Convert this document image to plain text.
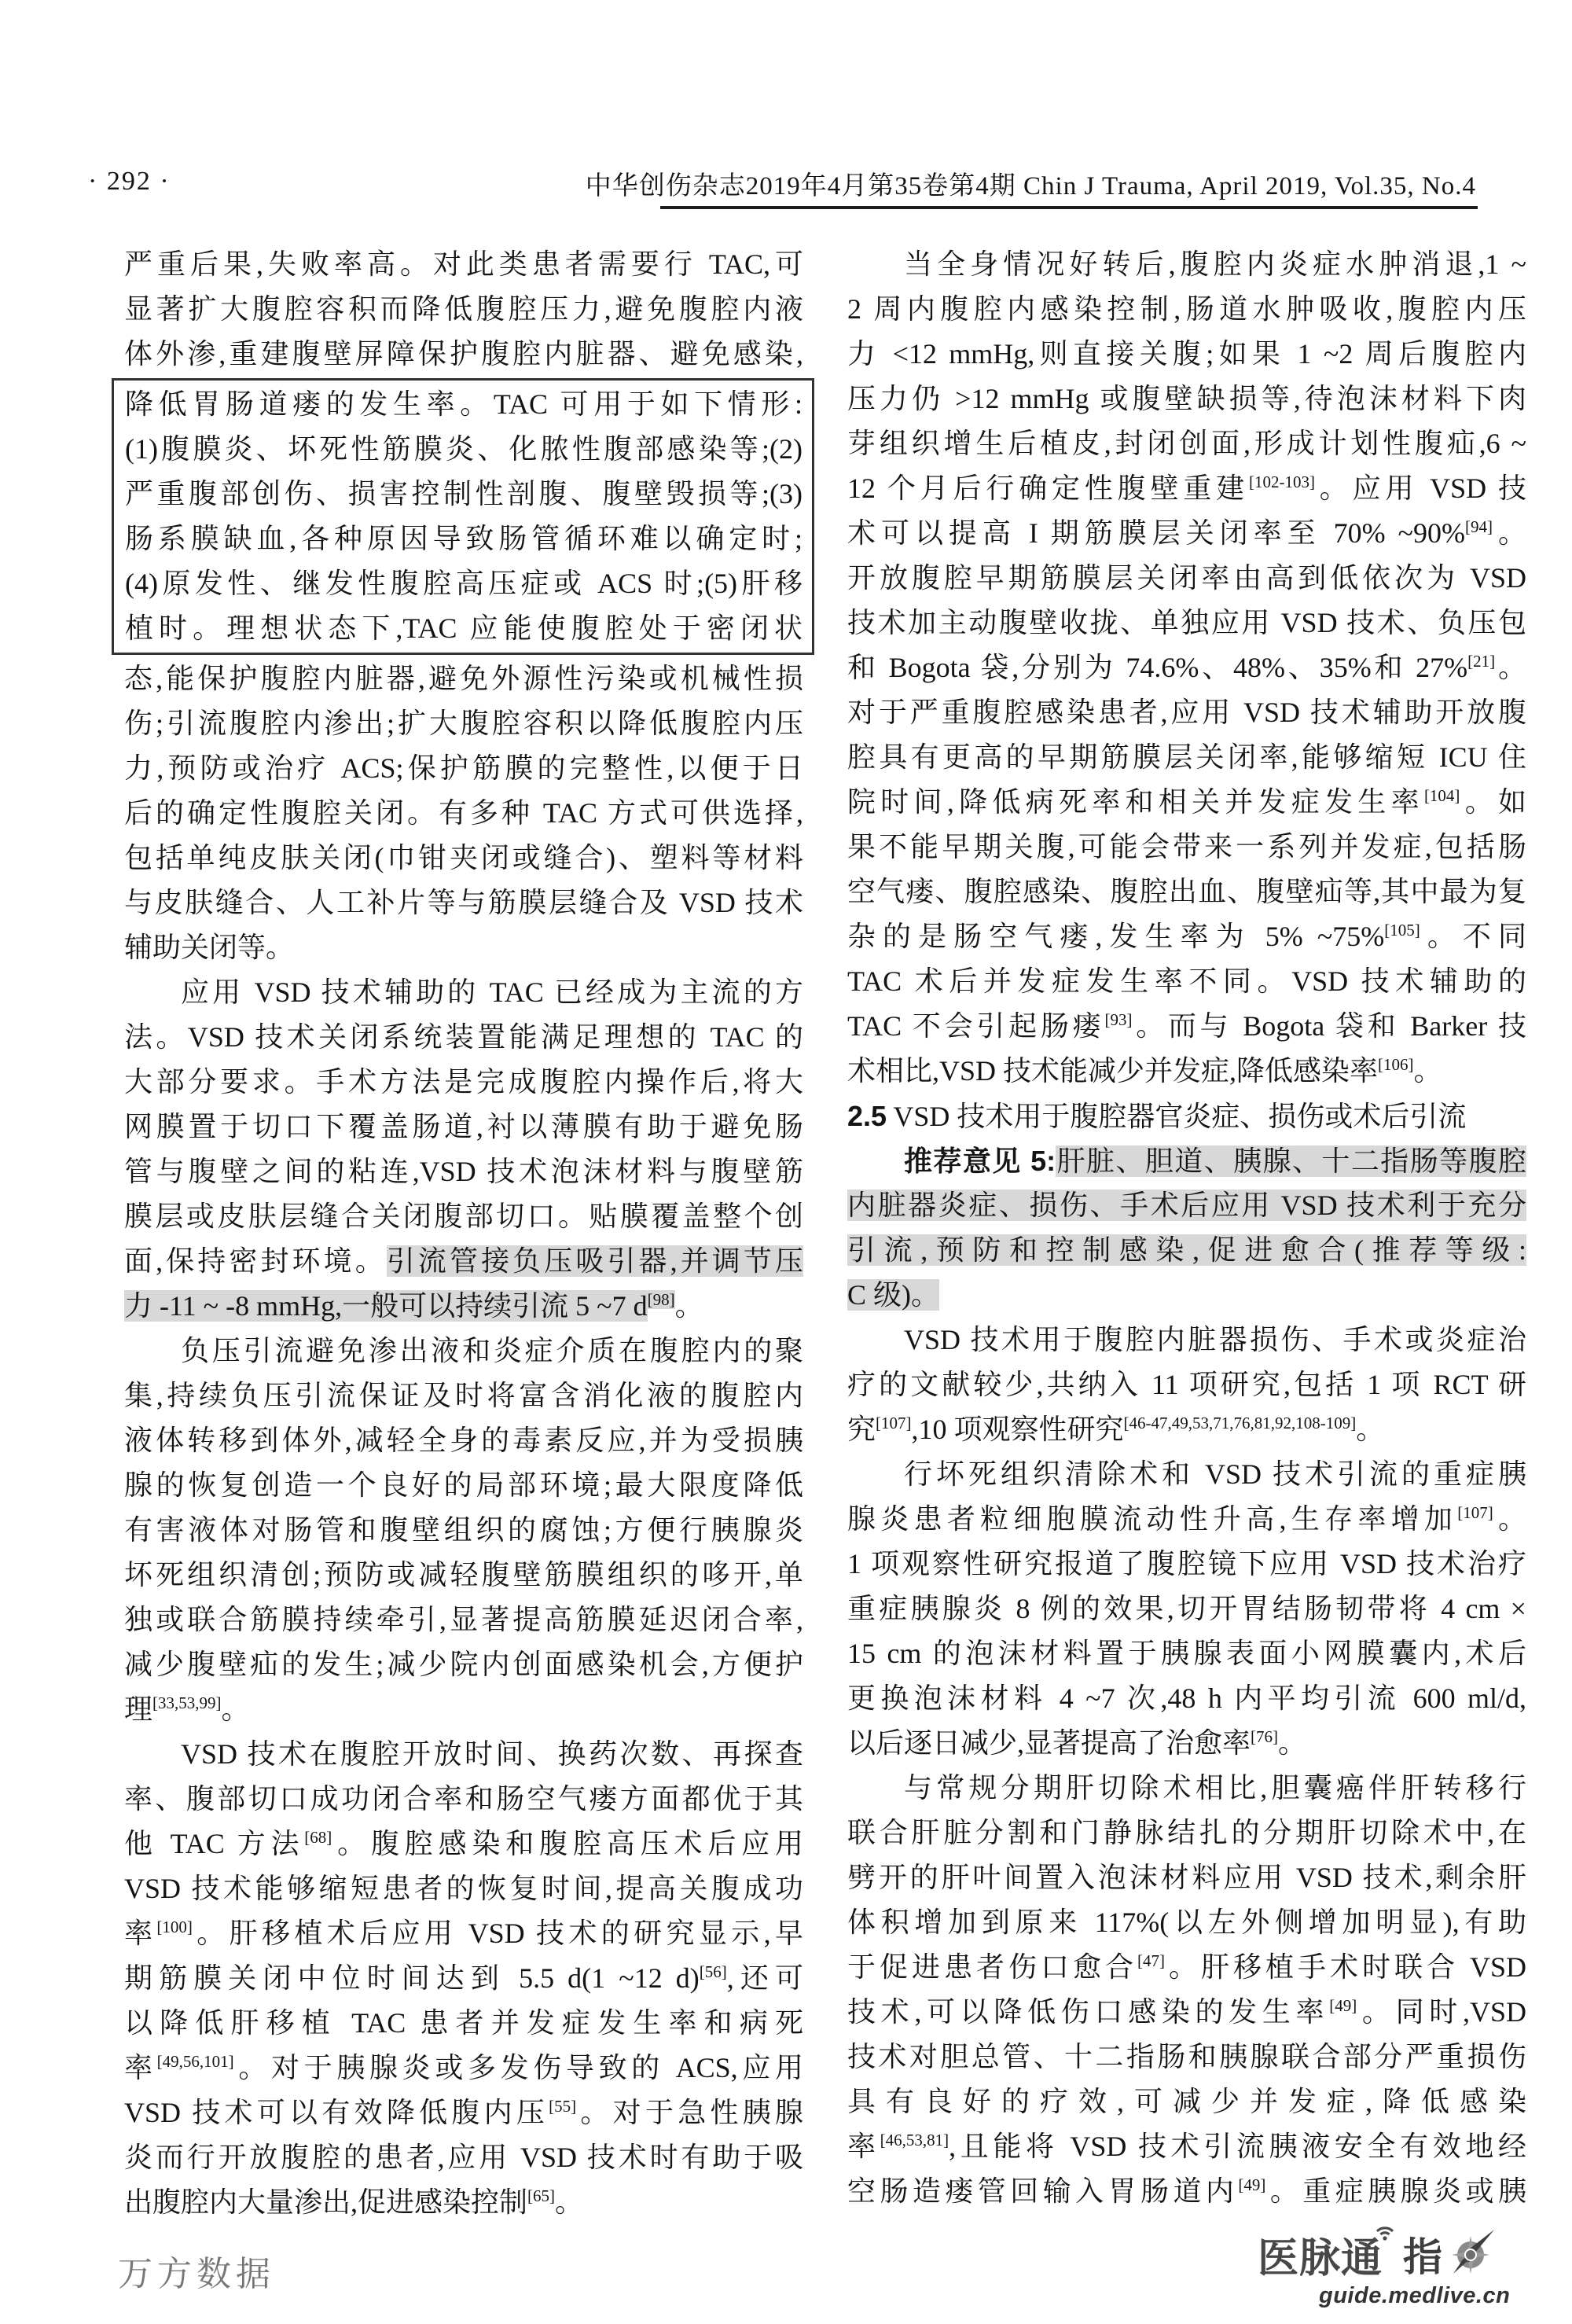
· 292 ·	中华创伤杂志2019年4月第35卷第4期 Chin J Trauma, April 2019, Vol.35, No.4
严重后果,失败率高。对此类患者需要行 TAC,可
显著扩大腹腔容积而降低腹腔压力,避免腹腔内液
体外渗,重建腹壁屏障保护腹腔内脏器、避免感染,
降低胃肠道瘘的发生率。TAC 可用于如下情形:
(1)腹膜炎、坏死性筋膜炎、化脓性腹部感染等;(2)
严重腹部创伤、损害控制性剖腹、腹壁毁损等;(3)
肠系膜缺血,各种原因导致肠管循环难以确定时;
(4)原发性、继发性腹腔高压症或 ACS 时;(5)肝移
植时。理想状态下,TAC 应能使腹腔处于密闭状
态,能保护腹腔内脏器,避免外源性污染或机械性损
伤;引流腹腔内渗出;扩大腹腔容积以降低腹腔内压
力,预防或治疗 ACS;保护筋膜的完整性,以便于日
后的确定性腹腔关闭。有多种 TAC 方式可供选择,
包括单纯皮肤关闭(巾钳夹闭或缝合)、塑料等材料
与皮肤缝合、人工补片等与筋膜层缝合及 VSD 技术
辅助关闭等。
应用 VSD 技术辅助的 TAC 已经成为主流的方
法。VSD 技术关闭系统装置能满足理想的 TAC 的
大部分要求。手术方法是完成腹腔内操作后,将大
网膜置于切口下覆盖肠道,衬以薄膜有助于避免肠
管与腹壁之间的粘连,VSD 技术泡沫材料与腹壁筋
膜层或皮肤层缝合关闭腹部切口。贴膜覆盖整个创
面,保持密封环境。引流管接负压吸引器,并调节压
力 -11 ~ -8 mmHg,一般可以持续引流 5 ~7 d[98]。
负压引流避免渗出液和炎症介质在腹腔内的聚
集,持续负压引流保证及时将富含消化液的腹腔内
液体转移到体外,减轻全身的毒素反应,并为受损胰
腺的恢复创造一个良好的局部环境;最大限度降低
有害液体对肠管和腹壁组织的腐蚀;方便行胰腺炎
坏死组织清创;预防或减轻腹壁筋膜组织的哆开,单
独或联合筋膜持续牵引,显著提高筋膜延迟闭合率,
减少腹壁疝的发生;减少院内创面感染机会,方便护
理[33,53,99]。
VSD 技术在腹腔开放时间、换药次数、再探查
率、腹部切口成功闭合率和肠空气瘘方面都优于其
他 TAC 方法[68]。腹腔感染和腹腔高压术后应用
VSD 技术能够缩短患者的恢复时间,提高关腹成功
率[100]。肝移植术后应用 VSD 技术的研究显示,早
期筋膜关闭中位时间达到 5.5 d(1 ~12 d)[56],还可
以降低肝移植 TAC 患者并发症发生率和病死
率[49,56,101]。对于胰腺炎或多发伤导致的 ACS,应用
VSD 技术可以有效降低腹内压[55]。对于急性胰腺
炎而行开放腹腔的患者,应用 VSD 技术时有助于吸
出腹腔内大量渗出,促进感染控制[65]。
当全身情况好转后,腹腔内炎症水肿消退,1 ~
2 周内腹腔内感染控制,肠道水肿吸收,腹腔内压
力 <12 mmHg,则直接关腹;如果 1 ~2 周后腹腔内
压力仍 >12 mmHg 或腹壁缺损等,待泡沫材料下肉
芽组织增生后植皮,封闭创面,形成计划性腹疝,6 ~
12 个月后行确定性腹壁重建[102-103]。应用 VSD 技
术可以提高 I 期筋膜层关闭率至 70% ~90%[94]。
开放腹腔早期筋膜层关闭率由高到低依次为 VSD
技术加主动腹壁收拢、单独应用 VSD 技术、负压包
和 Bogota 袋,分别为 74.6%、48%、35%和 27%[21]。
对于严重腹腔感染患者,应用 VSD 技术辅助开放腹
腔具有更高的早期筋膜层关闭率,能够缩短 ICU 住
院时间,降低病死率和相关并发症发生率[104]。如
果不能早期关腹,可能会带来一系列并发症,包括肠
空气瘘、腹腔感染、腹腔出血、腹壁疝等,其中最为复
杂的是肠空气瘘,发生率为 5% ~75%[105]。不同
TAC 术后并发症发生率不同。VSD 技术辅助的
TAC 不会引起肠瘘[93]。而与 Bogota 袋和 Barker 技
术相比,VSD 技术能减少并发症,降低感染率[106]。
2.5 VSD 技术用于腹腔器官炎症、损伤或术后引流
推荐意见 5:肝脏、胆道、胰腺、十二指肠等腹腔
内脏器炎症、损伤、手术后应用 VSD 技术利于充分
引流,预防和控制感染,促进愈合(推荐等级:
C 级)。
VSD 技术用于腹腔内脏器损伤、手术或炎症治
疗的文献较少,共纳入 11 项研究,包括 1 项 RCT 研
究[107],10 项观察性研究[46-47,49,53,71,76,81,92,108-109]。
行坏死组织清除术和 VSD 技术引流的重症胰
腺炎患者粒细胞膜流动性升高,生存率增加[107]。
1 项观察性研究报道了腹腔镜下应用 VSD 技术治疗
重症胰腺炎 8 例的效果,切开胃结肠韧带将 4 cm ×
15 cm 的泡沫材料置于胰腺表面小网膜囊内,术后
更换泡沫材料 4 ~7 次,48 h 内平均引流 600 ml/d,
以后逐日减少,显著提高了治愈率[76]。
与常规分期肝切除术相比,胆囊癌伴肝转移行
联合肝脏分割和门静脉结扎的分期肝切除术中,在
劈开的肝叶间置入泡沫材料应用 VSD 技术,剩余肝
体积增加到原来 117%(以左外侧增加明显),有助
于促进患者伤口愈合[47]。肝移植手术时联合 VSD
技术,可以降低伤口感染的发生率[49]。同时,VSD
技术对胆总管、十二指肠和胰腺联合部分严重损伤
具有良好的疗效,可减少并发症,降低感染
率[46,53,81],且能将 VSD 技术引流胰液安全有效地经
空肠造瘘管回输入胃肠道内[49]。重症胰腺炎或胰
万方数据	医脉通 指
guide.medlive.cn
